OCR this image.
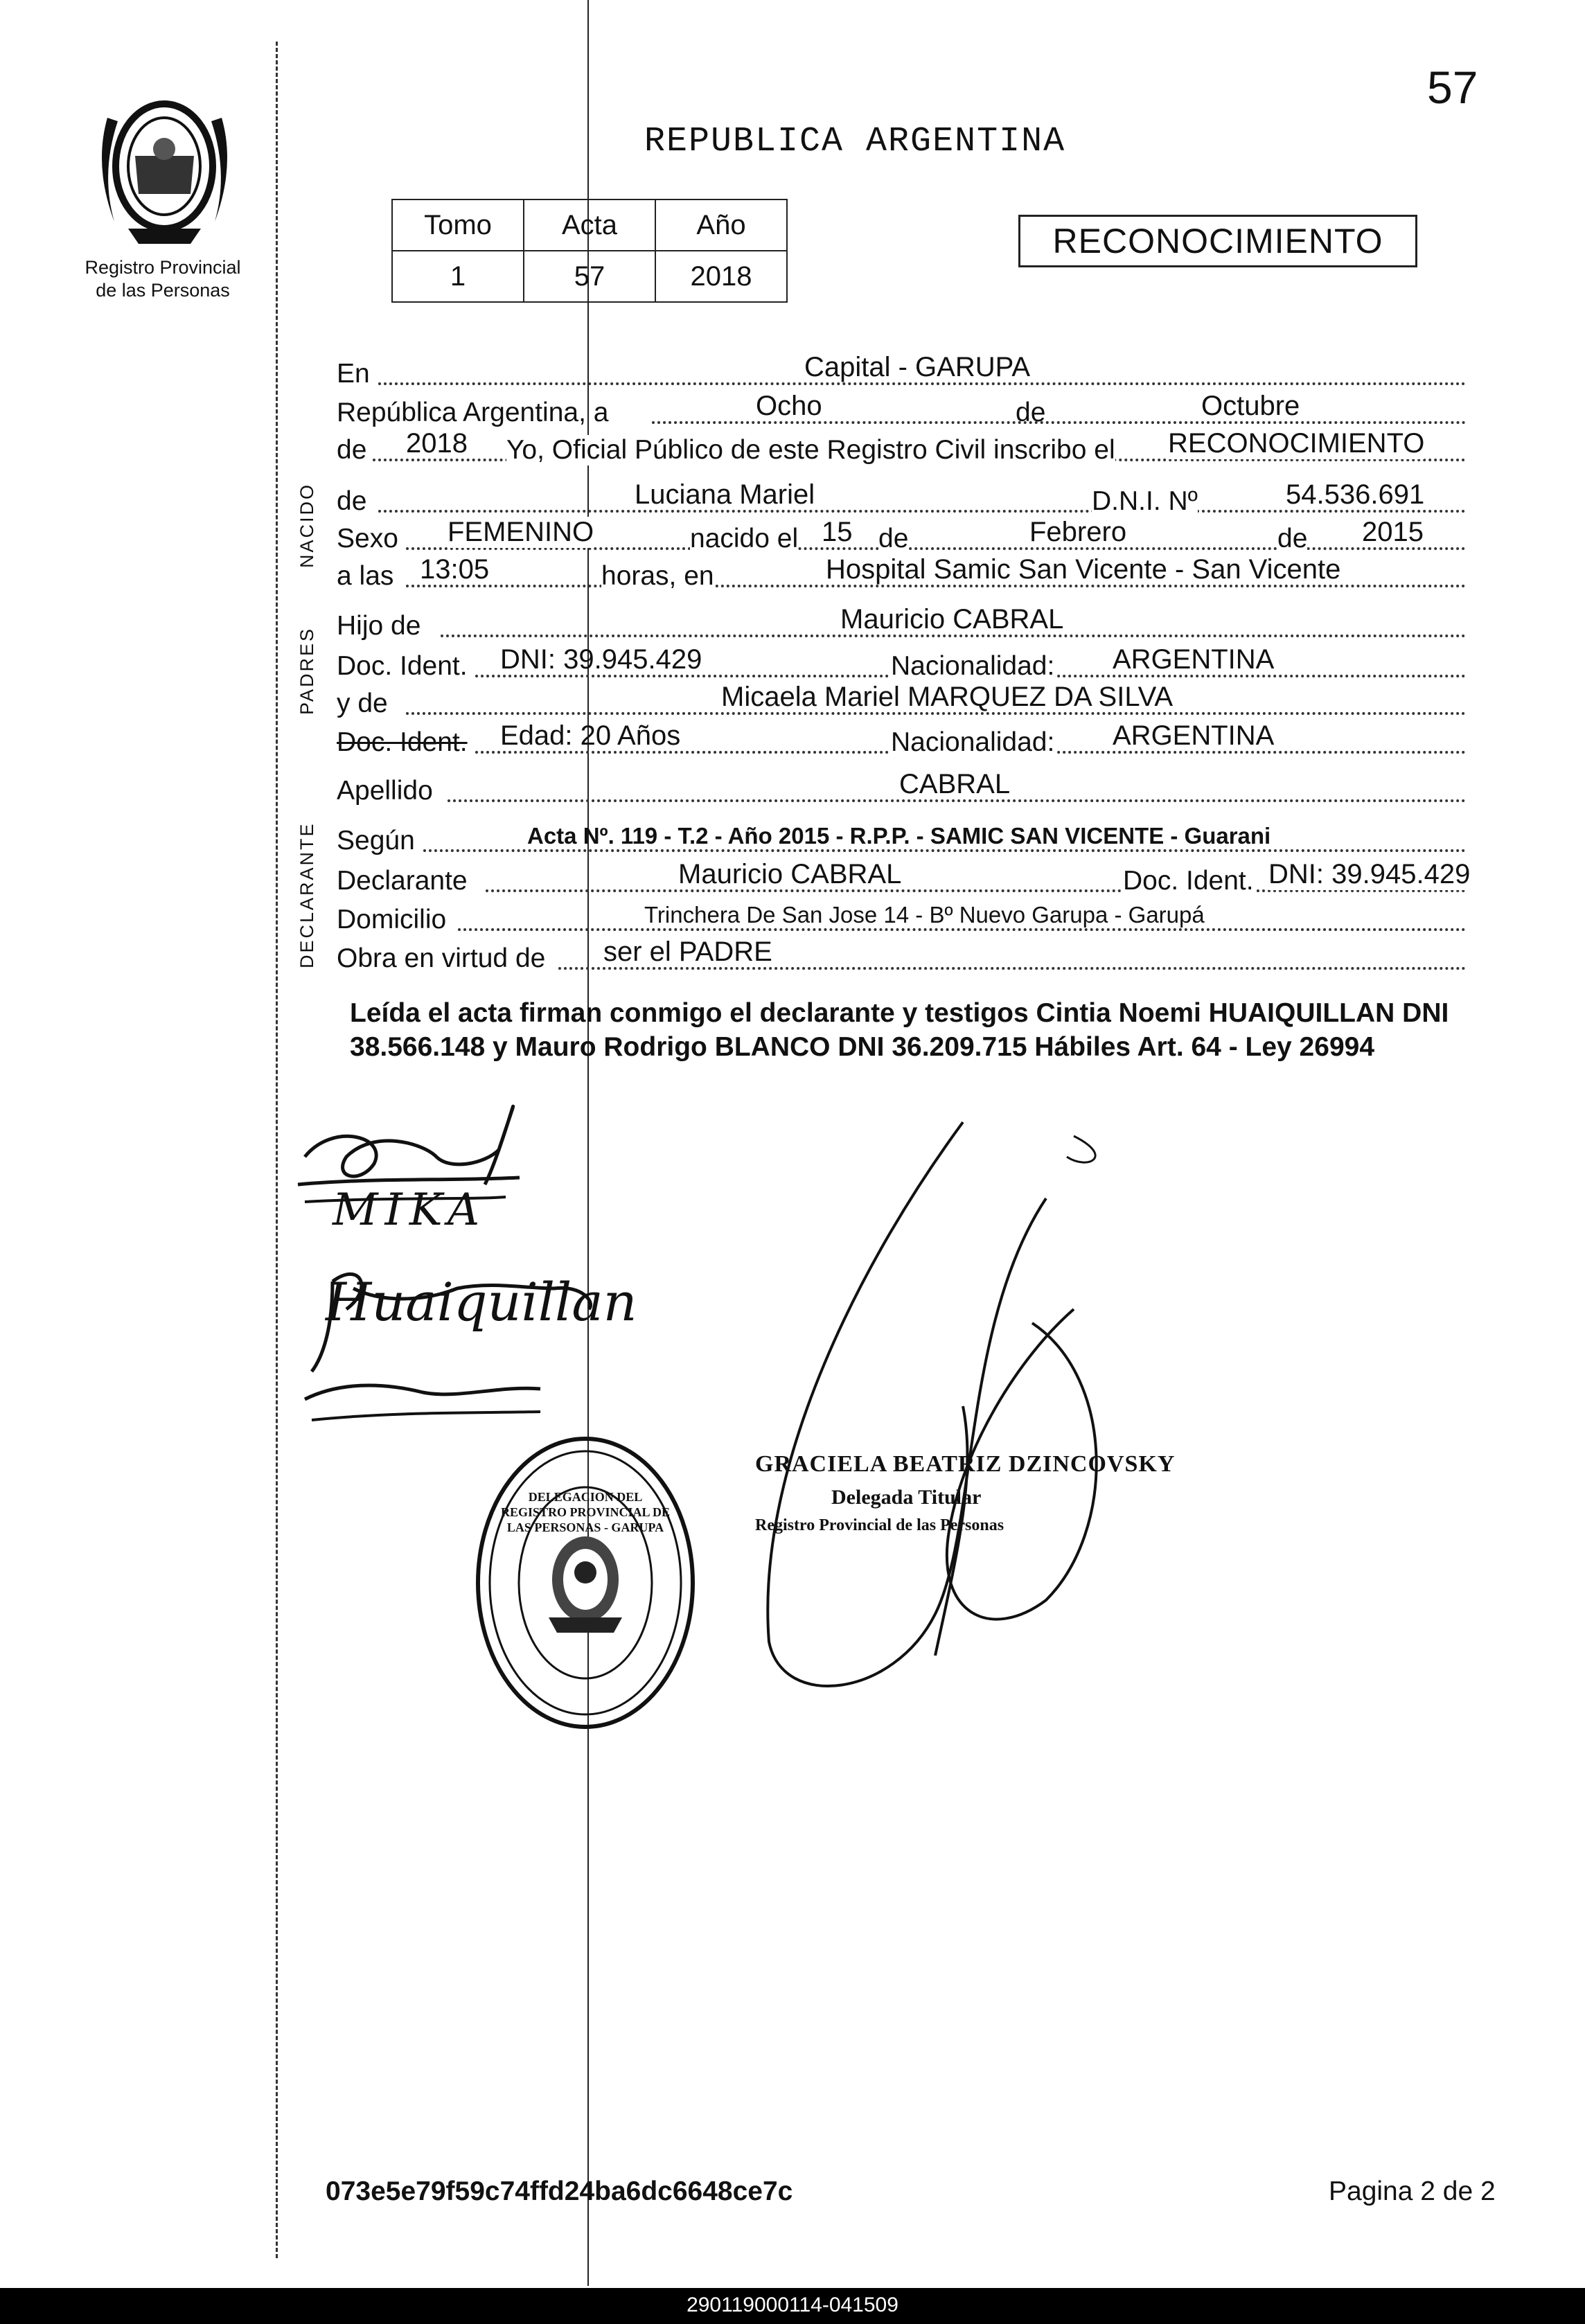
57
Registro Provincial
de las Personas
REPUBLICA ARGENTINA
Tomo	Acta	Año
1	57	2018
RECONOCIMIENTO
NACIDO
PADRES
DECLARANTE
En	Capital - GARUPA
República Argentina, a	Ocho	de	Octubre
de 2018 Yo, Oficial Público de este Registro Civil inscribo el RECONOCIMIENTO
de	Luciana Mariel	D.N.I. Nº	54.536.691
Sexo FEMENINO	nacido el 15 de	Febrero	de 2015
a las 13:05	horas, en	Hospital Samic San Vicente - San Vicente
Hijo de	Mauricio CABRAL
Doc. Ident. DNI: 39.945.429	Nacionalidad: ARGENTINA
y de	Micaela Mariel MARQUEZ DA SILVA
Doc. Ident. Edad: 20 Años	Nacionalidad: ARGENTINA
Apellido	CABRAL
Según	Acta Nº. 119 - T.2 - Año 2015 - R.P.P. - SAMIC SAN VICENTE - Guarani
Declarante	Mauricio CABRAL	Doc. Ident. DNI: 39.945.429
Domicilio	Trinchera De San Jose 14 - Bº Nuevo Garupa - Garupá
Obra en virtud de ser el PADRE
Leída el acta firman conmigo el declarante y testigos Cintia Noemi HUAIQUILLAN DNI 38.566.148 y Mauro Rodrigo BLANCO DNI 36.209.715 Hábiles Art. 64 - Ley 26994
MIKA
Huaiquillan
DELEGACION DEL REGISTRO PROVINCIAL DE LAS PERSONAS - GARUPA
GRACIELA BEATRIZ DZINCOVSKY
Delegada Titular
Registro Provincial de las Personas
073e5e79f59c74ffd24ba6dc6648ce7c	Pagina 2 de 2
290119000114-041509
